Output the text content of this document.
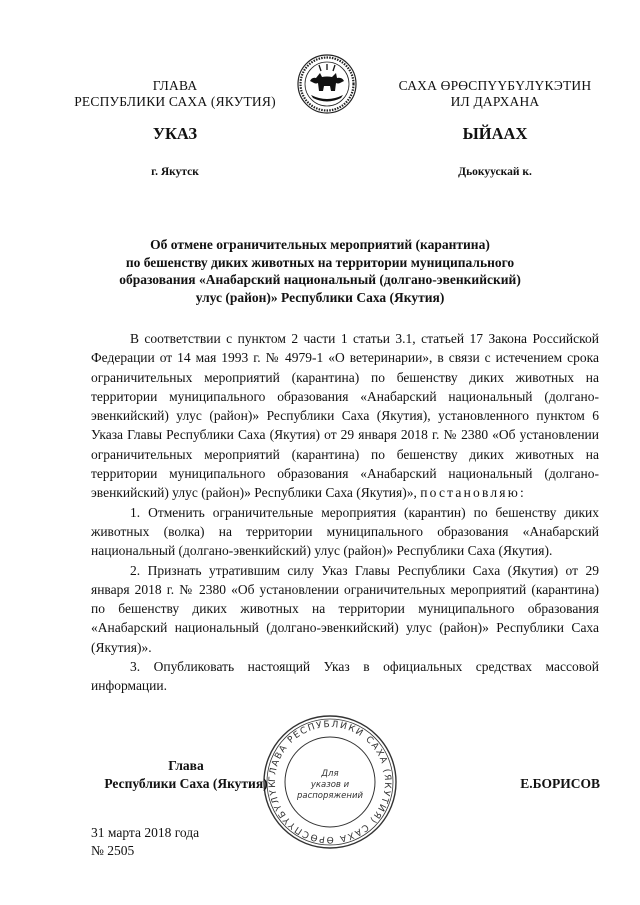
ГЛАВА
РЕСПУБЛИКИ САХА (ЯКУТИЯ)
САХА ӨРӨСПҮҮБҮЛҮКЭТИН
ИЛ ДАРХАНА
УКАЗ	ЫЙААХ
г. Якутск	Дьокуускай к.
Об отмене ограничительных мероприятий (карантина)
по бешенству диких животных на территории муниципального
образования «Анабарский национальный (долгано-эвенкийский)
улус (район)» Республики Саха (Якутия)

В соответствии с пунктом 2 части 1 статьи 3.1, статьей 17 Закона Российской Федерации от 14 мая 1993 г. № 4979-1 «О ветеринарии», в связи с истечением срока ограничительных мероприятий (карантина) по бешенству диких животных на территории муниципального образования «Анабарский национальный (долгано-эвенкийский) улус (район)» Республики Саха (Якутия), установленного пунктом 6 Указа Главы Республики Саха (Якутия) от 29 января 2018 г. № 2380 «Об установлении ограничительных мероприятий (карантина) по бешенству диких животных на территории муниципального образования «Анабарский национальный (долгано-эвенкийский) улус (район)» Республики Саха (Якутия)», постановляю:

1. Отменить ограничительные мероприятия (карантин) по бешенству диких животных (волка) на территории муниципального образования «Анабарский национальный (долгано-эвенкийский) улус (район)» Республики Саха (Якутия).

2. Признать утратившим силу Указ Главы Республики Саха (Якутия) от 29 января 2018 г. № 2380 «Об установлении ограничительных мероприятий (карантина) по бешенству диких животных на территории муниципального образования «Анабарский национальный (долгано-эвенкийский) улус (район)» Республики Саха (Якутия)».

3. Опубликовать настоящий Указ в официальных средствах массовой информации.

ГЛАВА РЕСПУБЛИКИ САХА (ЯКУТИЯ) САХА ӨРӨСПҮҮБҮЛҮК
Для
указов и
распоряжений
Глава
Республики Саха (Якутия)	Е.БОРИСОВ
31 марта 2018 года
№ 2505
